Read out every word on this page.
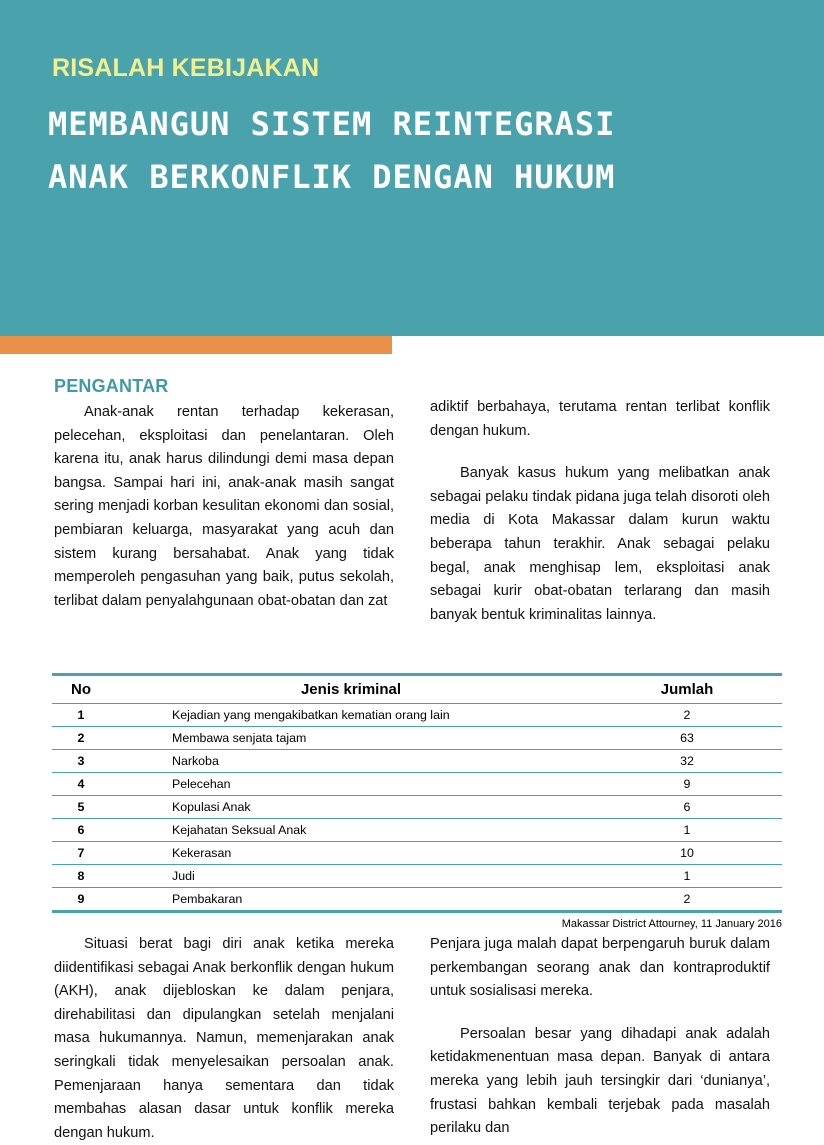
RISALAH KEBIJAKAN
MEMBANGUN SISTEM REINTEGRASI ANAK BERKONFLIK DENGAN HUKUM
PENGANTAR

Anak-anak rentan terhadap kekerasan, pelecehan, eksploitasi dan penelantaran. Oleh karena itu, anak harus dilindungi demi masa depan bangsa. Sampai hari ini, anak-anak masih sangat sering menjadi korban kesulitan ekonomi dan sosial, pembiaran keluarga, masyarakat yang acuh dan sistem kurang bersahabat. Anak yang tidak memperoleh pengasuhan yang baik, putus sekolah, terlibat dalam penyalahgunaan obat-obatan dan zat

adiktif berbahaya, terutama rentan terlibat konflik dengan hukum.

Banyak kasus hukum yang melibatkan anak sebagai pelaku tindak pidana juga telah disoroti oleh media di Kota Makassar dalam kurun waktu beberapa tahun terakhir. Anak sebagai pelaku begal, anak menghisap lem, eksploitasi anak sebagai kurir obat-obatan terlarang dan masih banyak bentuk kriminalitas lainnya.

No	Jenis kriminal	Jumlah
1	Kejadian yang mengakibatkan kematian orang lain	2
2	Membawa senjata tajam	63
3	Narkoba	32
4	Pelecehan	9
5	Kopulasi Anak	6
6	Kejahatan Seksual Anak	1
7	Kekerasan	10
8	Judi	1
9	Pembakaran	2
Makassar District Attourney, 11 January 2016

Situasi berat bagi diri anak ketika mereka diidentifikasi sebagai Anak berkonflik dengan hukum (AKH), anak dijebloskan ke dalam penjara, direhabilitasi dan dipulangkan setelah menjalani masa hukumannya. Namun, memenjarakan anak seringkali tidak menyelesaikan persoalan anak. Pemenjaraan hanya sementara dan tidak membahas alasan dasar untuk konflik mereka dengan hukum.

Penjara juga malah dapat berpengaruh buruk dalam perkembangan seorang anak dan kontraproduktif untuk sosialisasi mereka.

Persoalan besar yang dihadapi anak adalah ketidakmenentuan masa depan. Banyak di antara mereka yang lebih jauh tersingkir dari ‘dunianya’, frustasi bahkan kembali terjebak pada masalah perilaku dan
